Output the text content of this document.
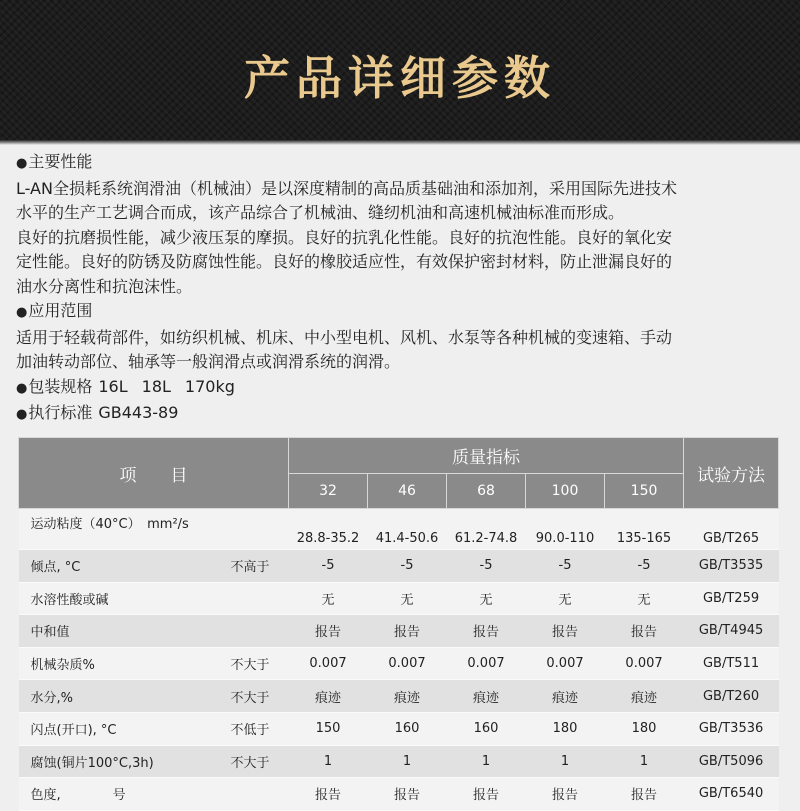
产品详细参数

● 主要性能

L-AN全损耗系统润滑油（机械油）是以深度精制的高品质基础油和添加剂，采用国际先进技术

水平的生产工艺调合而成，该产品综合了机械油、缝纫机油和高速机械油标准而形成。

良好的抗磨损性能，减少液压泵的摩损。良好的抗乳化性能。良好的抗泡性能。良好的氧化安

定性能。良好的防锈及防腐蚀性能。良好的橡胶适应性，有效保护密封材料，防止泄漏良好的

油水分离性和抗泡沫性。

● 应用范围

适用于轻载荷部件，如纺织机械、机床、中小型电机、风机、水泵等各种机械的变速箱、手动

加油转动部位、轴承等一般润滑点或润滑系统的润滑。

● 包装规格 16L 18L 170kg

● 执行标准 GB443-89

项　　目		质量指标					试验方法
		32	46	68	100	150	
运动粘度（40°C）　mm²/s		28.8-35.2	41.4-50.6	61.2-74.8	90.0-110	135-165	GB/T265
倾点, °C	不高于	-5	-5	-5	-5	-5	GB/T3535
水溶性酸或碱		无	无	无	无	无	GB/T259
中和值		报告	报告	报告	报告	报告	GB/T4945
机械杂质%	不大于	0.007	0.007	0.007	0.007	0.007	GB/T511
水分,%	不大于	痕迹	痕迹	痕迹	痕迹	痕迹	GB/T260
闪点(开口), °C	不低于	150	160	160	180	180	GB/T3536
腐蚀(铜片100°C,3h)	不大于	1	1	1	1	1	GB/T5096
色度,　　　　号		报告	报告	报告	报告	报告	GB/T6540
